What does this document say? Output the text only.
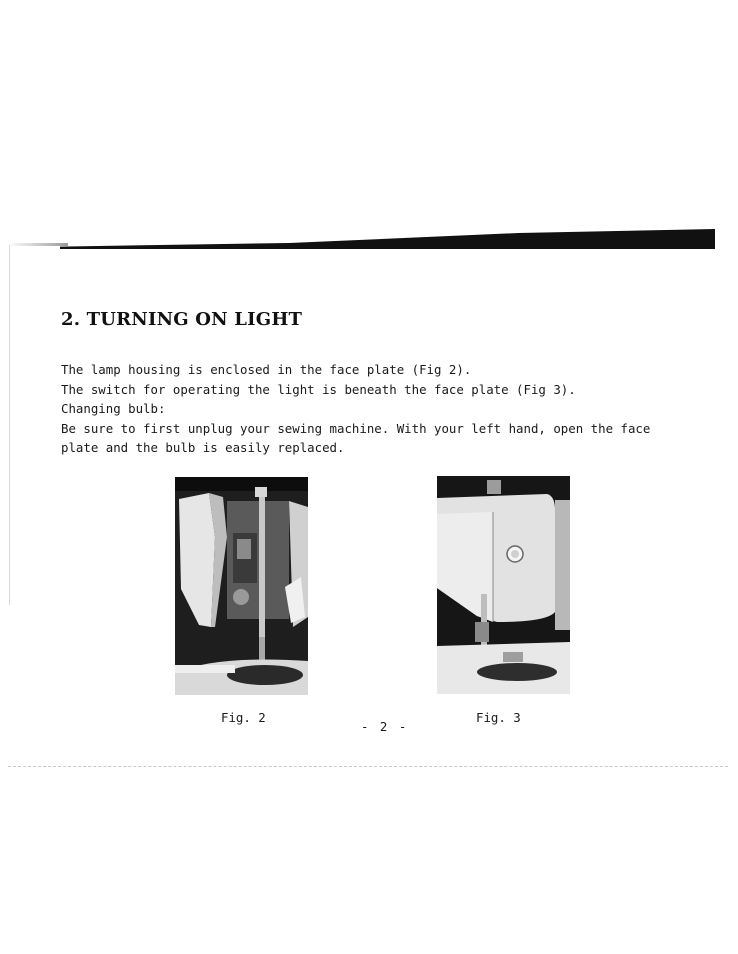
2. TURNING ON LIGHT

The lamp housing is enclosed in the face plate (Fig 2).

The switch for operating the light is beneath the face plate (Fig 3).

Changing bulb:

Be sure to first unplug your sewing machine. With your left hand, open the face

plate and the bulb is easily replaced.

Fig. 2	Fig. 3
- 2 -
